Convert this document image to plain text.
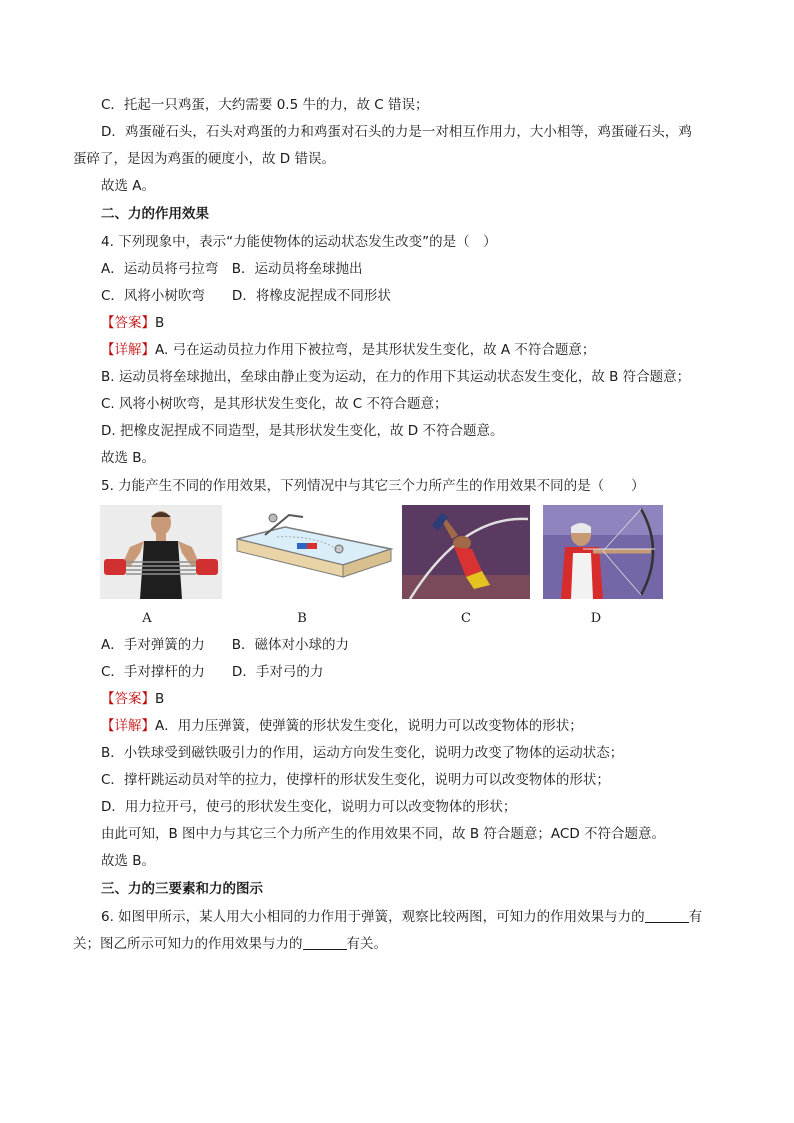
C．托起一只鸡蛋，大约需要 0.5 牛的力，故 C 错误；
D．鸡蛋碰石头，石头对鸡蛋的力和鸡蛋对石头的力是一对相互作用力，大小相等，鸡蛋碰石头，鸡
蛋碎了，是因为鸡蛋的硬度小，故 D 错误。
故选 A。
二、力的作用效果
4. 下列现象中，表示“力能使物体的运动状态发生改变”的是（　）
A．运动员将弓拉弯　B．运动员将垒球抛出
C．风将小树吹弯　　D．将橡皮泥捏成不同形状
【答案】B
【详解】A. 弓在运动员拉力作用下被拉弯，是其形状发生变化，故 A 不符合题意；
B. 运动员将垒球抛出，垒球由静止变为运动，在力的作用下其运动状态发生变化，故 B 符合题意；
C. 风将小树吹弯，是其形状发生变化，故 C 不符合题意；
D. 把橡皮泥捏成不同造型，是其形状发生变化，故 D 不符合题意。
故选 B。
5. 力能产生不同的作用效果，下列情况中与其它三个力所产生的作用效果不同的是（　　）
A	B	C	D
A．手对弹簧的力　　B．磁体对小球的力
C．手对撑杆的力　　D．手对弓的力
【答案】B
【详解】A．用力压弹簧，使弹簧的形状发生变化，说明力可以改变物体的形状；
B．小铁球受到磁铁吸引力的作用，运动方向发生变化，说明力改变了物体的运动状态；
C．撑杆跳运动员对竿的拉力，使撑杆的形状发生变化，说明力可以改变物体的形状；
D．用力拉开弓，使弓的形状发生变化，说明力可以改变物体的形状；
由此可知，B 图中力与其它三个力所产生的作用效果不同，故 B 符合题意；ACD 不符合题意。
故选 B。
三、力的三要素和力的图示
6. 如图甲所示，某人用大小相同的力作用于弹簧，观察比较两图，可知力的作用效果与力的	有
关；图乙所示可知力的作用效果与力的	有关。
